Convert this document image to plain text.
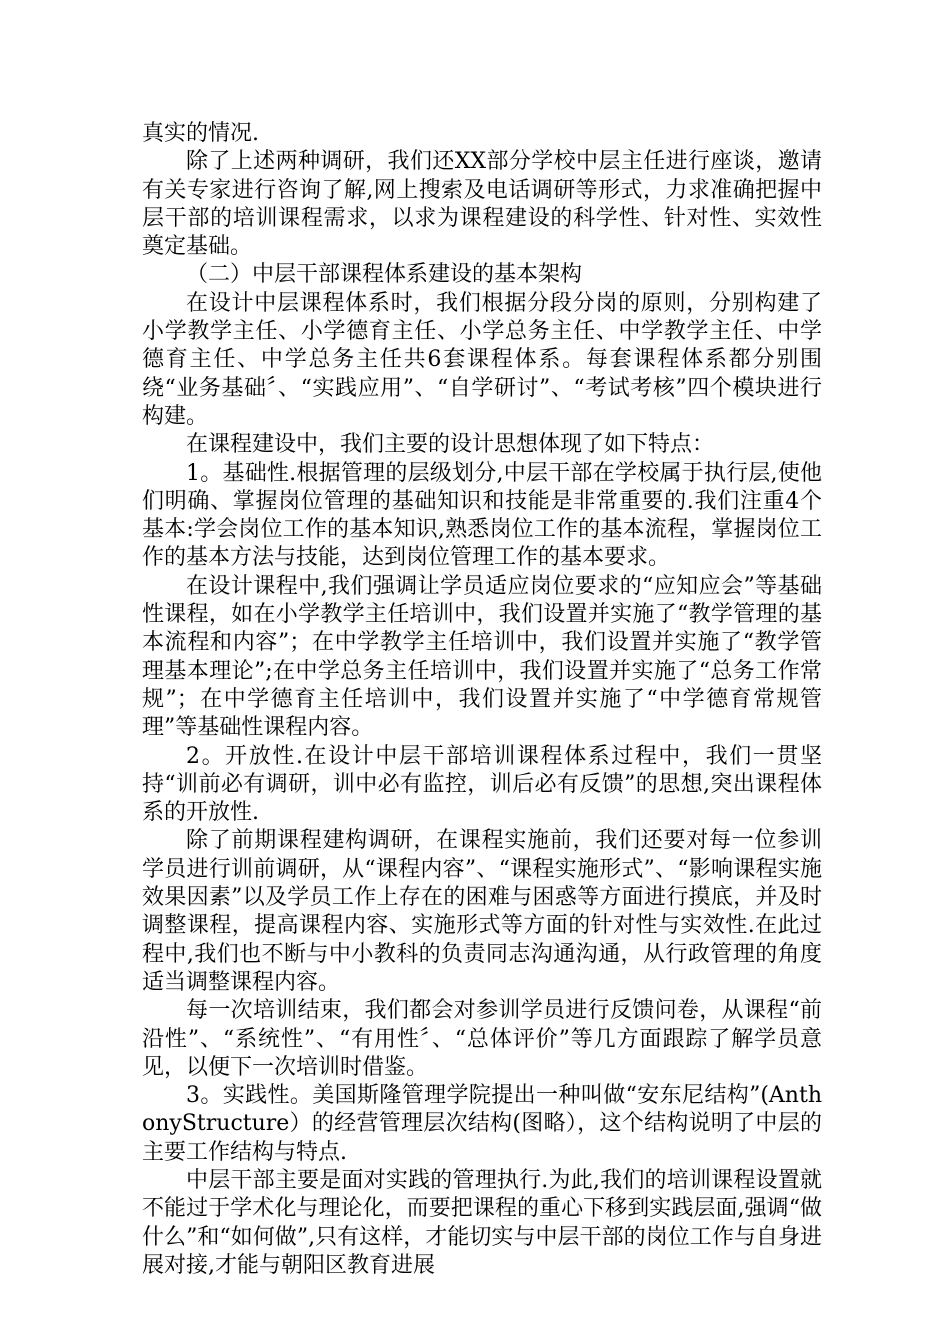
真实的情况.

除了上述两种调研，我们还XX部分学校中层主任进行座谈，邀请有关专家进行咨询了解,网上搜索及电话调研等形式，力求准确把握中层干部的培训课程需求，以求为课程建设的科学性、针对性、实效性奠定基础。

（二）中层干部课程体系建设的基本架构

在设计中层课程体系时，我们根据分段分岗的原则，分别构建了小学教学主任、小学德育主任、小学总务主任、中学教学主任、中学德育主任、中学总务主任共6套课程体系。每套课程体系都分别围绕“业务基础〞、“实践应用”、“自学研讨”、“考试考核”四个模块进行构建。

在课程建设中，我们主要的设计思想体现了如下特点：

1。基础性.根据管理的层级划分,中层干部在学校属于执行层,使他们明确、掌握岗位管理的基础知识和技能是非常重要的.我们注重4个基本:学会岗位工作的基本知识,熟悉岗位工作的基本流程，掌握岗位工作的基本方法与技能，达到岗位管理工作的基本要求。

在设计课程中,我们强调让学员适应岗位要求的“应知应会”等基础性课程，如在小学教学主任培训中，我们设置并实施了“教学管理的基本流程和内容”；在中学教学主任培训中，我们设置并实施了“教学管理基本理论”;在中学总务主任培训中，我们设置并实施了“总务工作常规”；在中学德育主任培训中，我们设置并实施了“中学德育常规管理”等基础性课程内容。

2。开放性.在设计中层干部培训课程体系过程中，我们一贯坚持“训前必有调研，训中必有监控，训后必有反馈”的思想,突出课程体系的开放性.

除了前期课程建构调研，在课程实施前，我们还要对每一位参训学员进行训前调研，从“课程内容”、“课程实施形式”、“影响课程实施效果因素”以及学员工作上存在的困难与困惑等方面进行摸底，并及时调整课程，提高课程内容、实施形式等方面的针对性与实效性.在此过程中,我们也不断与中小教科的负责同志沟通沟通，从行政管理的角度适当调整课程内容。

每一次培训结束，我们都会对参训学员进行反馈问卷，从课程“前沿性”、“系统性”、“有用性〞、“总体评价”等几方面跟踪了解学员意见，以便下一次培训时借鉴。

3。实践性。美国斯隆管理学院提出一种叫做“安东尼结构”(AnthonyStructure）的经营管理层次结构(图略），这个结构说明了中层的主要工作结构与特点.

中层干部主要是面对实践的管理执行.为此,我们的培训课程设置就不能过于学术化与理论化，而要把课程的重心下移到实践层面,强调“做什么”和“如何做”,只有这样，才能切实与中层干部的岗位工作与自身进展对接,才能与朝阳区教育进展
